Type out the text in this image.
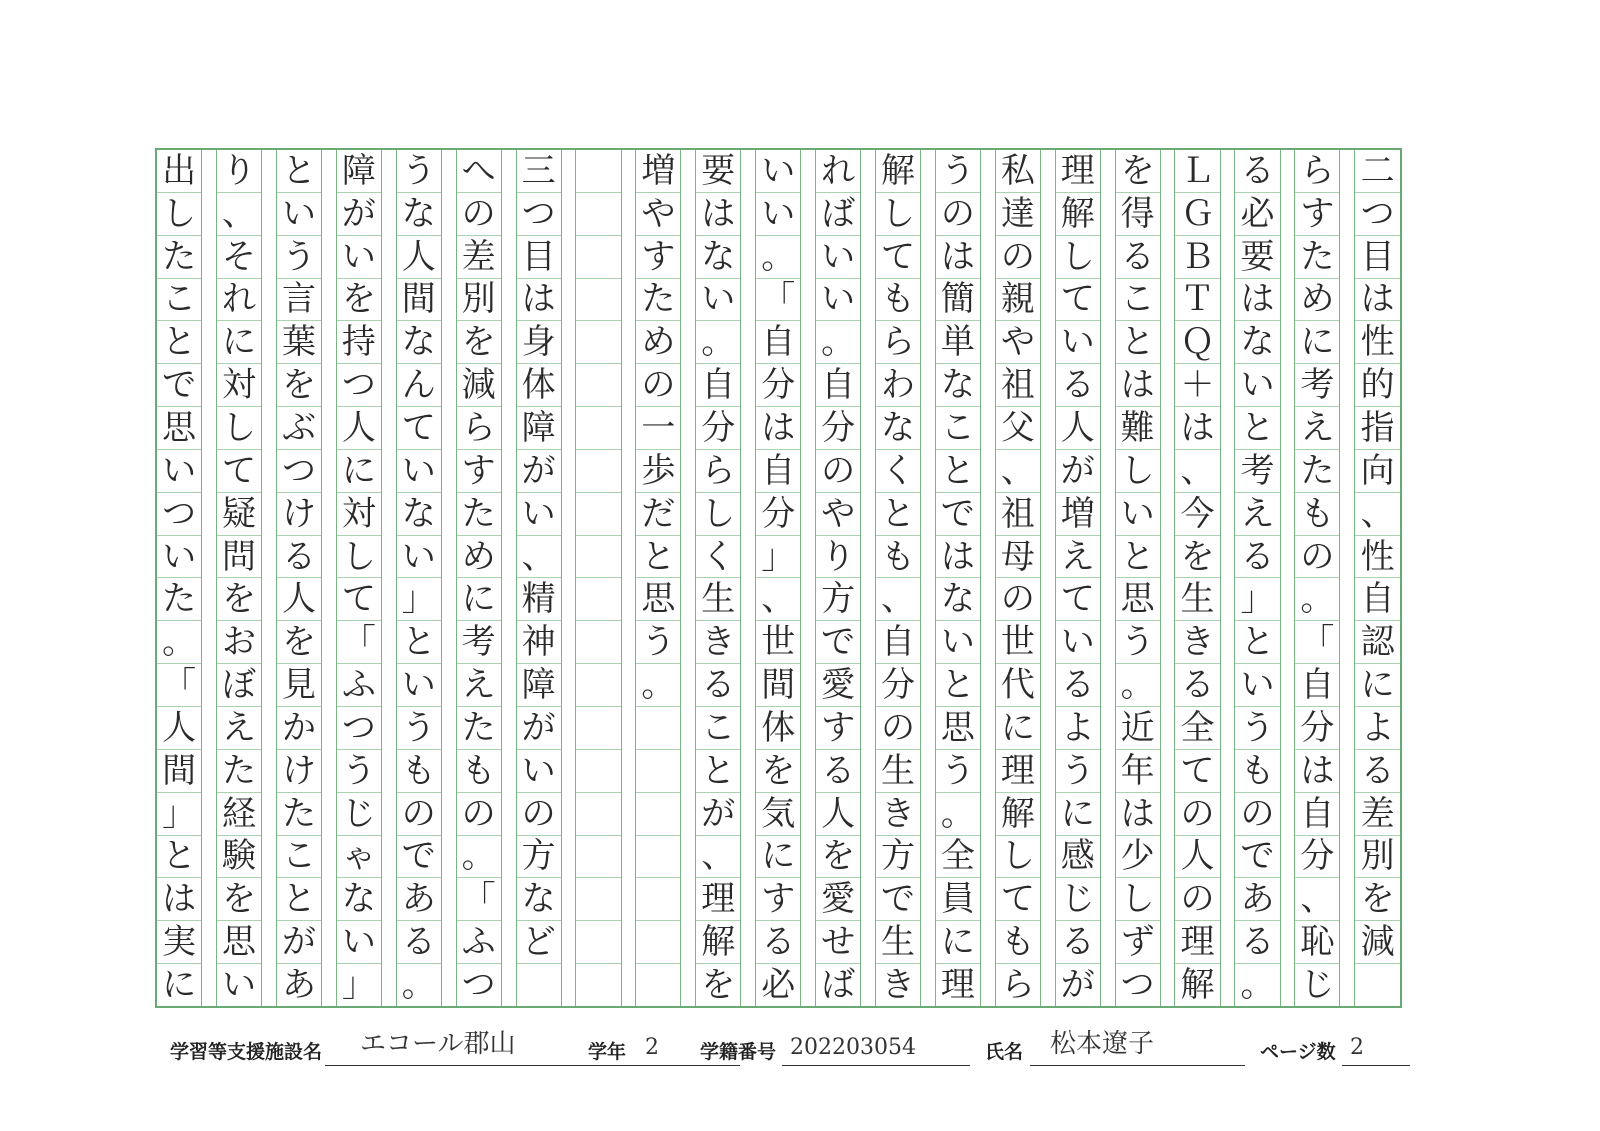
二
つ
目
は
性
的
指
向
、
性
自
認
に
よ
る
差
別
を
減
ら
す
た
め
に
考
え
た
も
の
。
「
自
分
は
自
分
、
恥
じ
る
必
要
は
な
い
と
考
え
る
」
と
い
う
も
の
で
あ
る
。
Ｌ
Ｇ
Ｂ
Ｔ
Ｑ
＋
は
、
今
を
生
き
る
全
て
の
人
の
理
解
を
得
る
こ
と
は
難
し
い
と
思
う
。
近
年
は
少
し
ず
つ
理
解
し
て
い
る
人
が
増
え
て
い
る
よ
う
に
感
じ
る
が
私
達
の
親
や
祖
父
、
祖
母
の
世
代
に
理
解
し
て
も
ら
う
の
は
簡
単
な
こ
と
で
は
な
い
と
思
う
。
全
員
に
理
解
し
て
も
ら
わ
な
く
と
も
、
自
分
の
生
き
方
で
生
き
れ
ば
い
い
。
自
分
の
や
り
方
で
愛
す
る
人
を
愛
せ
ば
い
い
。
「
自
分
は
自
分
」
、
世
間
体
を
気
に
す
る
必
要
は
な
い
。
自
分
ら
し
く
生
き
る
こ
と
が
、
理
解
を
増
や
す
た
め
の
一
歩
だ
と
思
う
。
三
つ
目
は
身
体
障
が
い
、
精
神
障
が
い
の
方
な
ど
へ
の
差
別
を
減
ら
す
た
め
に
考
え
た
も
の
。
「
ふ
つ
う
な
人
間
な
ん
て
い
な
い
」
と
い
う
も
の
で
あ
る
。
障
が
い
を
持
つ
人
に
対
し
て
「
ふ
つ
う
じ
ゃ
な
い
」
と
い
う
言
葉
を
ぶ
つ
け
る
人
を
見
か
け
た
こ
と
が
あ
り
、
そ
れ
に
対
し
て
疑
問
を
お
ぼ
え
た
経
験
を
思
い
出
し
た
こ
と
で
思
い
つ
い
た
。
「
人
間
」
と
は
実
に
学習等支援施設名 エコール郡山	学年 2 学籍番号 202203054	氏名 松本遼子	ページ数 2
